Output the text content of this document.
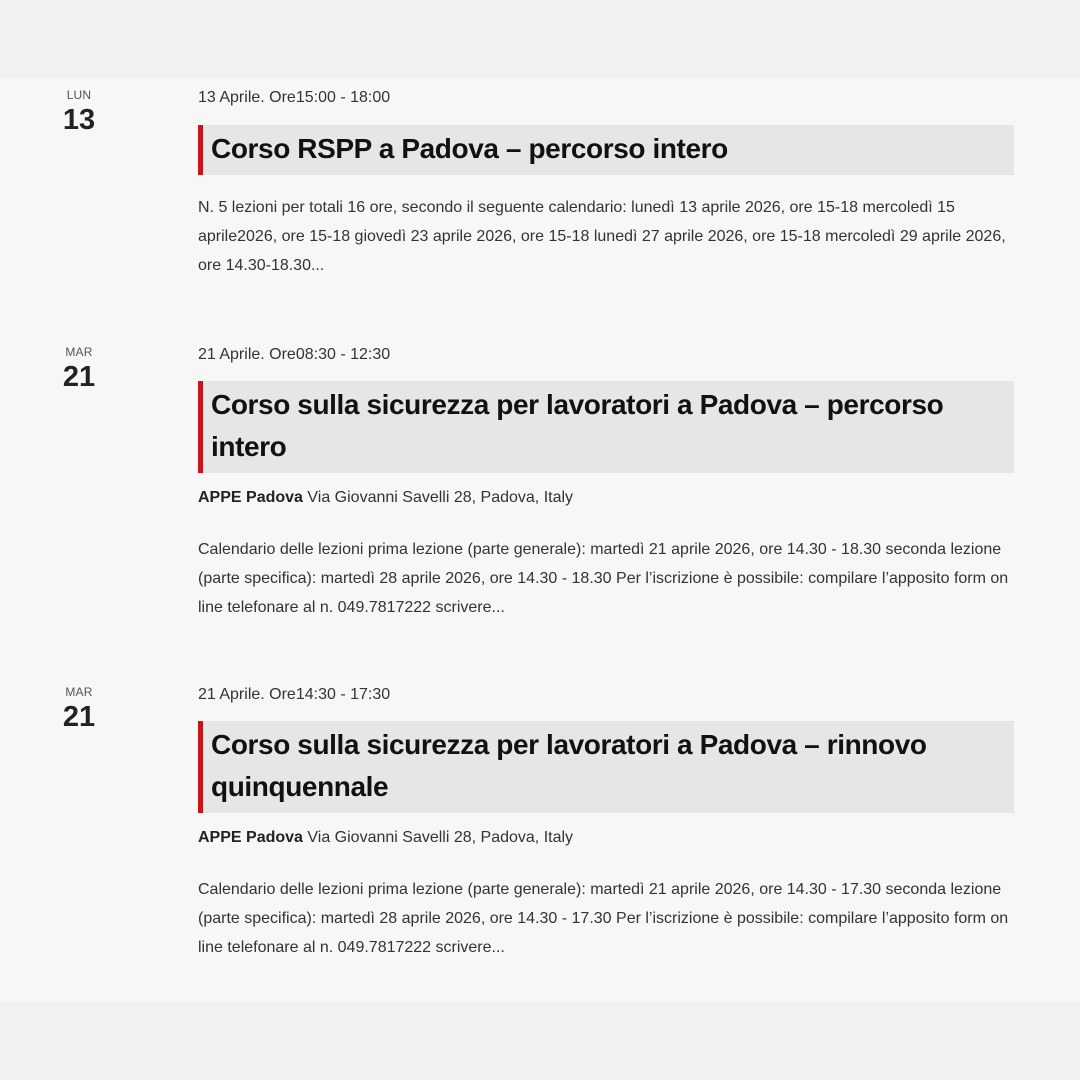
LUN
13

13 Aprile. Ore15:00 - 18:00

Corso RSPP a Padova – percorso intero

N. 5 lezioni per totali 16 ore, secondo il seguente calendario: lunedì 13 aprile 2026, ore 15-18 mercoledì 15 aprile2026, ore 15-18 giovedì 23 aprile 2026, ore 15-18 lunedì 27 aprile 2026, ore 15-18 mercoledì 29 aprile 2026, ore 14.30-18.30...

MAR
21

21 Aprile. Ore08:30 - 12:30

Corso sulla sicurezza per lavoratori a Padova – percorso intero
APPE Padova Via Giovanni Savelli 28, Padova, Italy

Calendario delle lezioni prima lezione (parte generale): martedì 21 aprile 2026, ore 14.30 - 18.30 seconda lezione (parte specifica): martedì 28 aprile 2026, ore 14.30 - 18.30 Per l’iscrizione è possibile: compilare l’apposito form on line telefonare al n. 049.7817222 scrivere...

MAR
21

21 Aprile. Ore14:30 - 17:30

Corso sulla sicurezza per lavoratori a Padova – rinnovo quinquennale
APPE Padova Via Giovanni Savelli 28, Padova, Italy

Calendario delle lezioni prima lezione (parte generale): martedì 21 aprile 2026, ore 14.30 - 17.30 seconda lezione (parte specifica): martedì 28 aprile 2026, ore 14.30 - 17.30 Per l’iscrizione è possibile: compilare l’apposito form on line telefonare al n. 049.7817222 scrivere...
